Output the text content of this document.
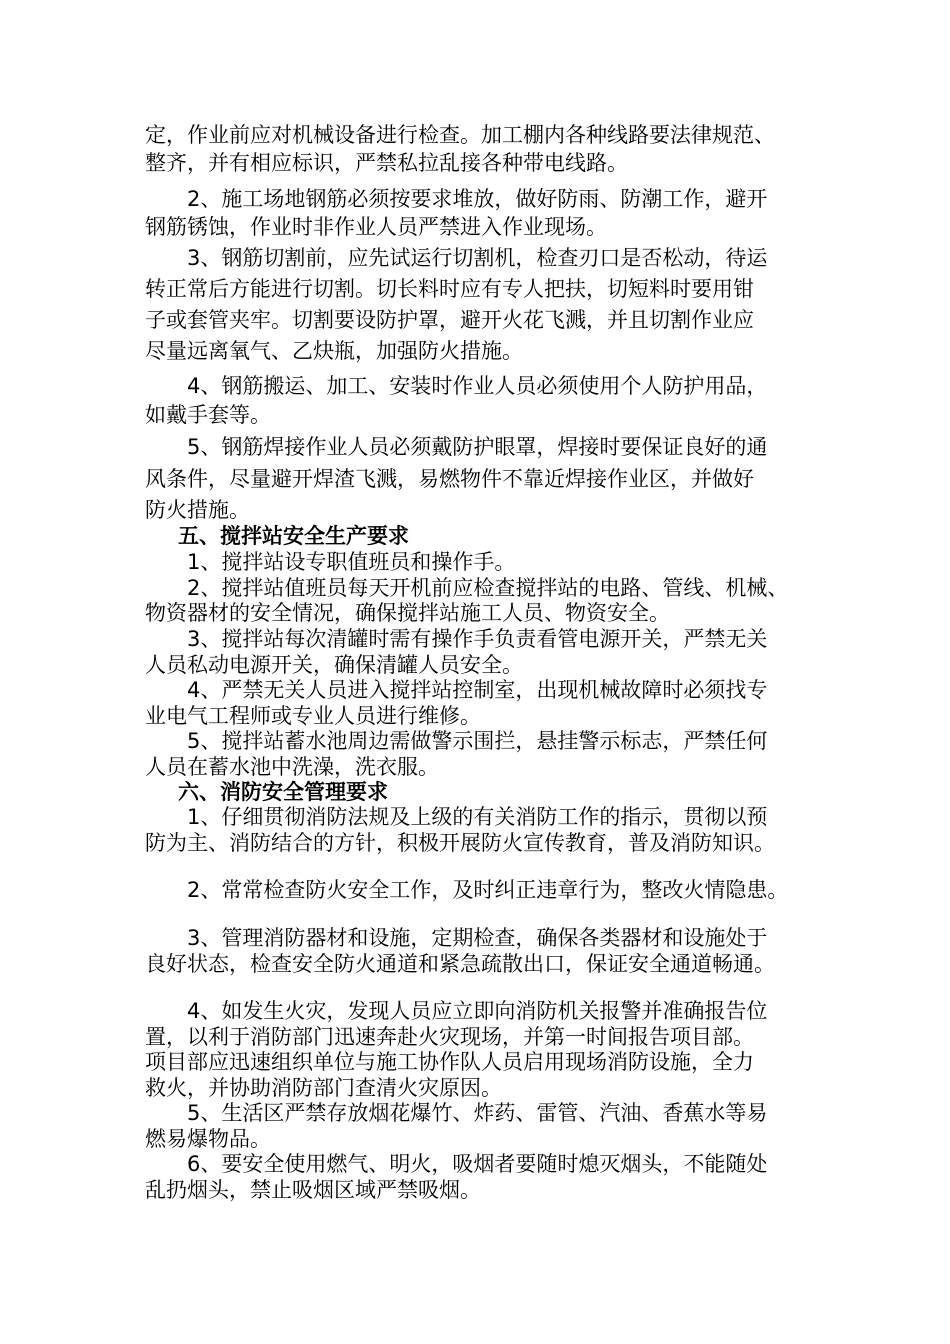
定，作业前应对机械设备进行检查。加工棚内各种线路要法律规范、
整齐，并有相应标识，严禁私拉乱接各种带电线路。
2、施工场地钢筋必须按要求堆放，做好防雨、防潮工作，避开
钢筋锈蚀，作业时非作业人员严禁进入作业现场。
3、钢筋切割前，应先试运行切割机，检查刃口是否松动，待运
转正常后方能进行切割。切长料时应有专人把扶，切短料时要用钳
子或套管夹牢。切割要设防护罩，避开火花飞溅，并且切割作业应
尽量远离氧气、乙炔瓶，加强防火措施。
4、钢筋搬运、加工、安装时作业人员必须使用个人防护用品，
如戴手套等。
5、钢筋焊接作业人员必须戴防护眼罩，焊接时要保证良好的通
风条件，尽量避开焊渣飞溅，易燃物件不靠近焊接作业区，并做好
防火措施。
五、搅拌站安全生产要求
1、搅拌站设专职值班员和操作手。
2、搅拌站值班员每天开机前应检查搅拌站的电路、管线、机械、
物资器材的安全情况，确保搅拌站施工人员、物资安全。
3、搅拌站每次清罐时需有操作手负责看管电源开关，严禁无关
人员私动电源开关，确保清罐人员安全。
4、严禁无关人员进入搅拌站控制室，出现机械故障时必须找专
业电气工程师或专业人员进行维修。
5、搅拌站蓄水池周边需做警示围拦，悬挂警示标志，严禁任何
人员在蓄水池中洗澡，洗衣服。
六、消防安全管理要求
1、仔细贯彻消防法规及上级的有关消防工作的指示，贯彻以预
防为主、消防结合的方针，积极开展防火宣传教育，普及消防知识。
2、常常检查防火安全工作，及时纠正违章行为，整改火情隐患。
3、管理消防器材和设施，定期检查，确保各类器材和设施处于
良好状态，检查安全防火通道和紧急疏散出口，保证安全通道畅通。
4、如发生火灾，发现人员应立即向消防机关报警并准确报告位
置，以利于消防部门迅速奔赴火灾现场，并第一时间报告项目部。
项目部应迅速组织单位与施工协作队人员启用现场消防设施，全力
救火，并协助消防部门查清火灾原因。
5、生活区严禁存放烟花爆竹、炸药、雷管、汽油、香蕉水等易
燃易爆物品。
6、要安全使用燃气、明火，吸烟者要随时熄灭烟头，不能随处
乱扔烟头，禁止吸烟区域严禁吸烟。
